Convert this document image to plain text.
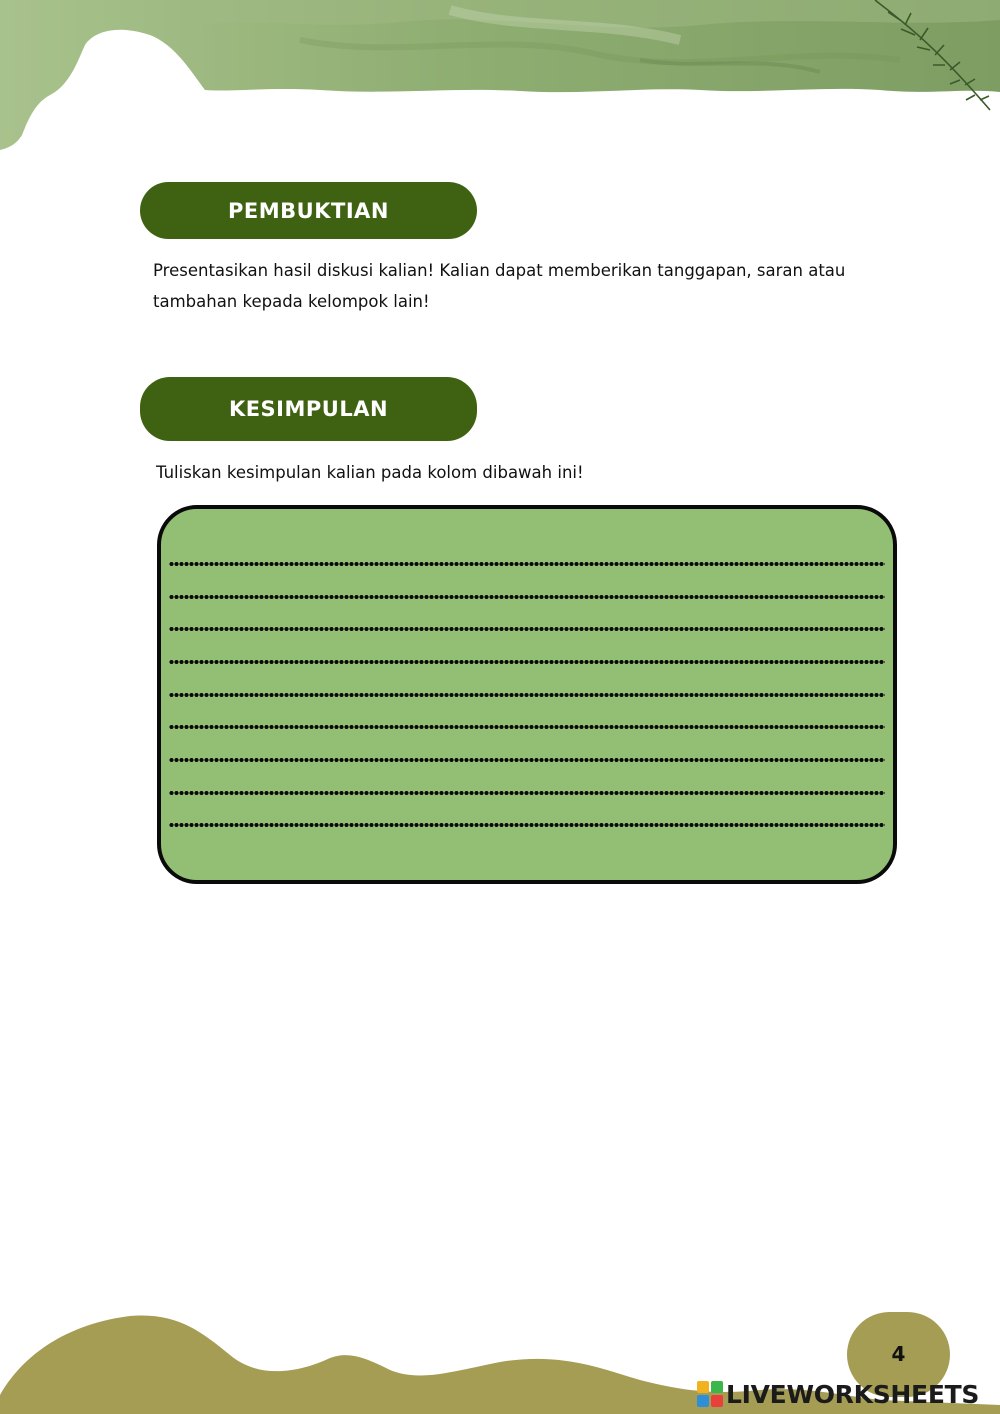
PEMBUKTIAN
Presentasikan hasil diskusi kalian! Kalian dapat memberikan tanggapan, saran atau tambahan kepada kelompok lain!
KESIMPULAN
Tuliskan kesimpulan kalian pada kolom dibawah ini!
4
LIVEWORKSHEETS
